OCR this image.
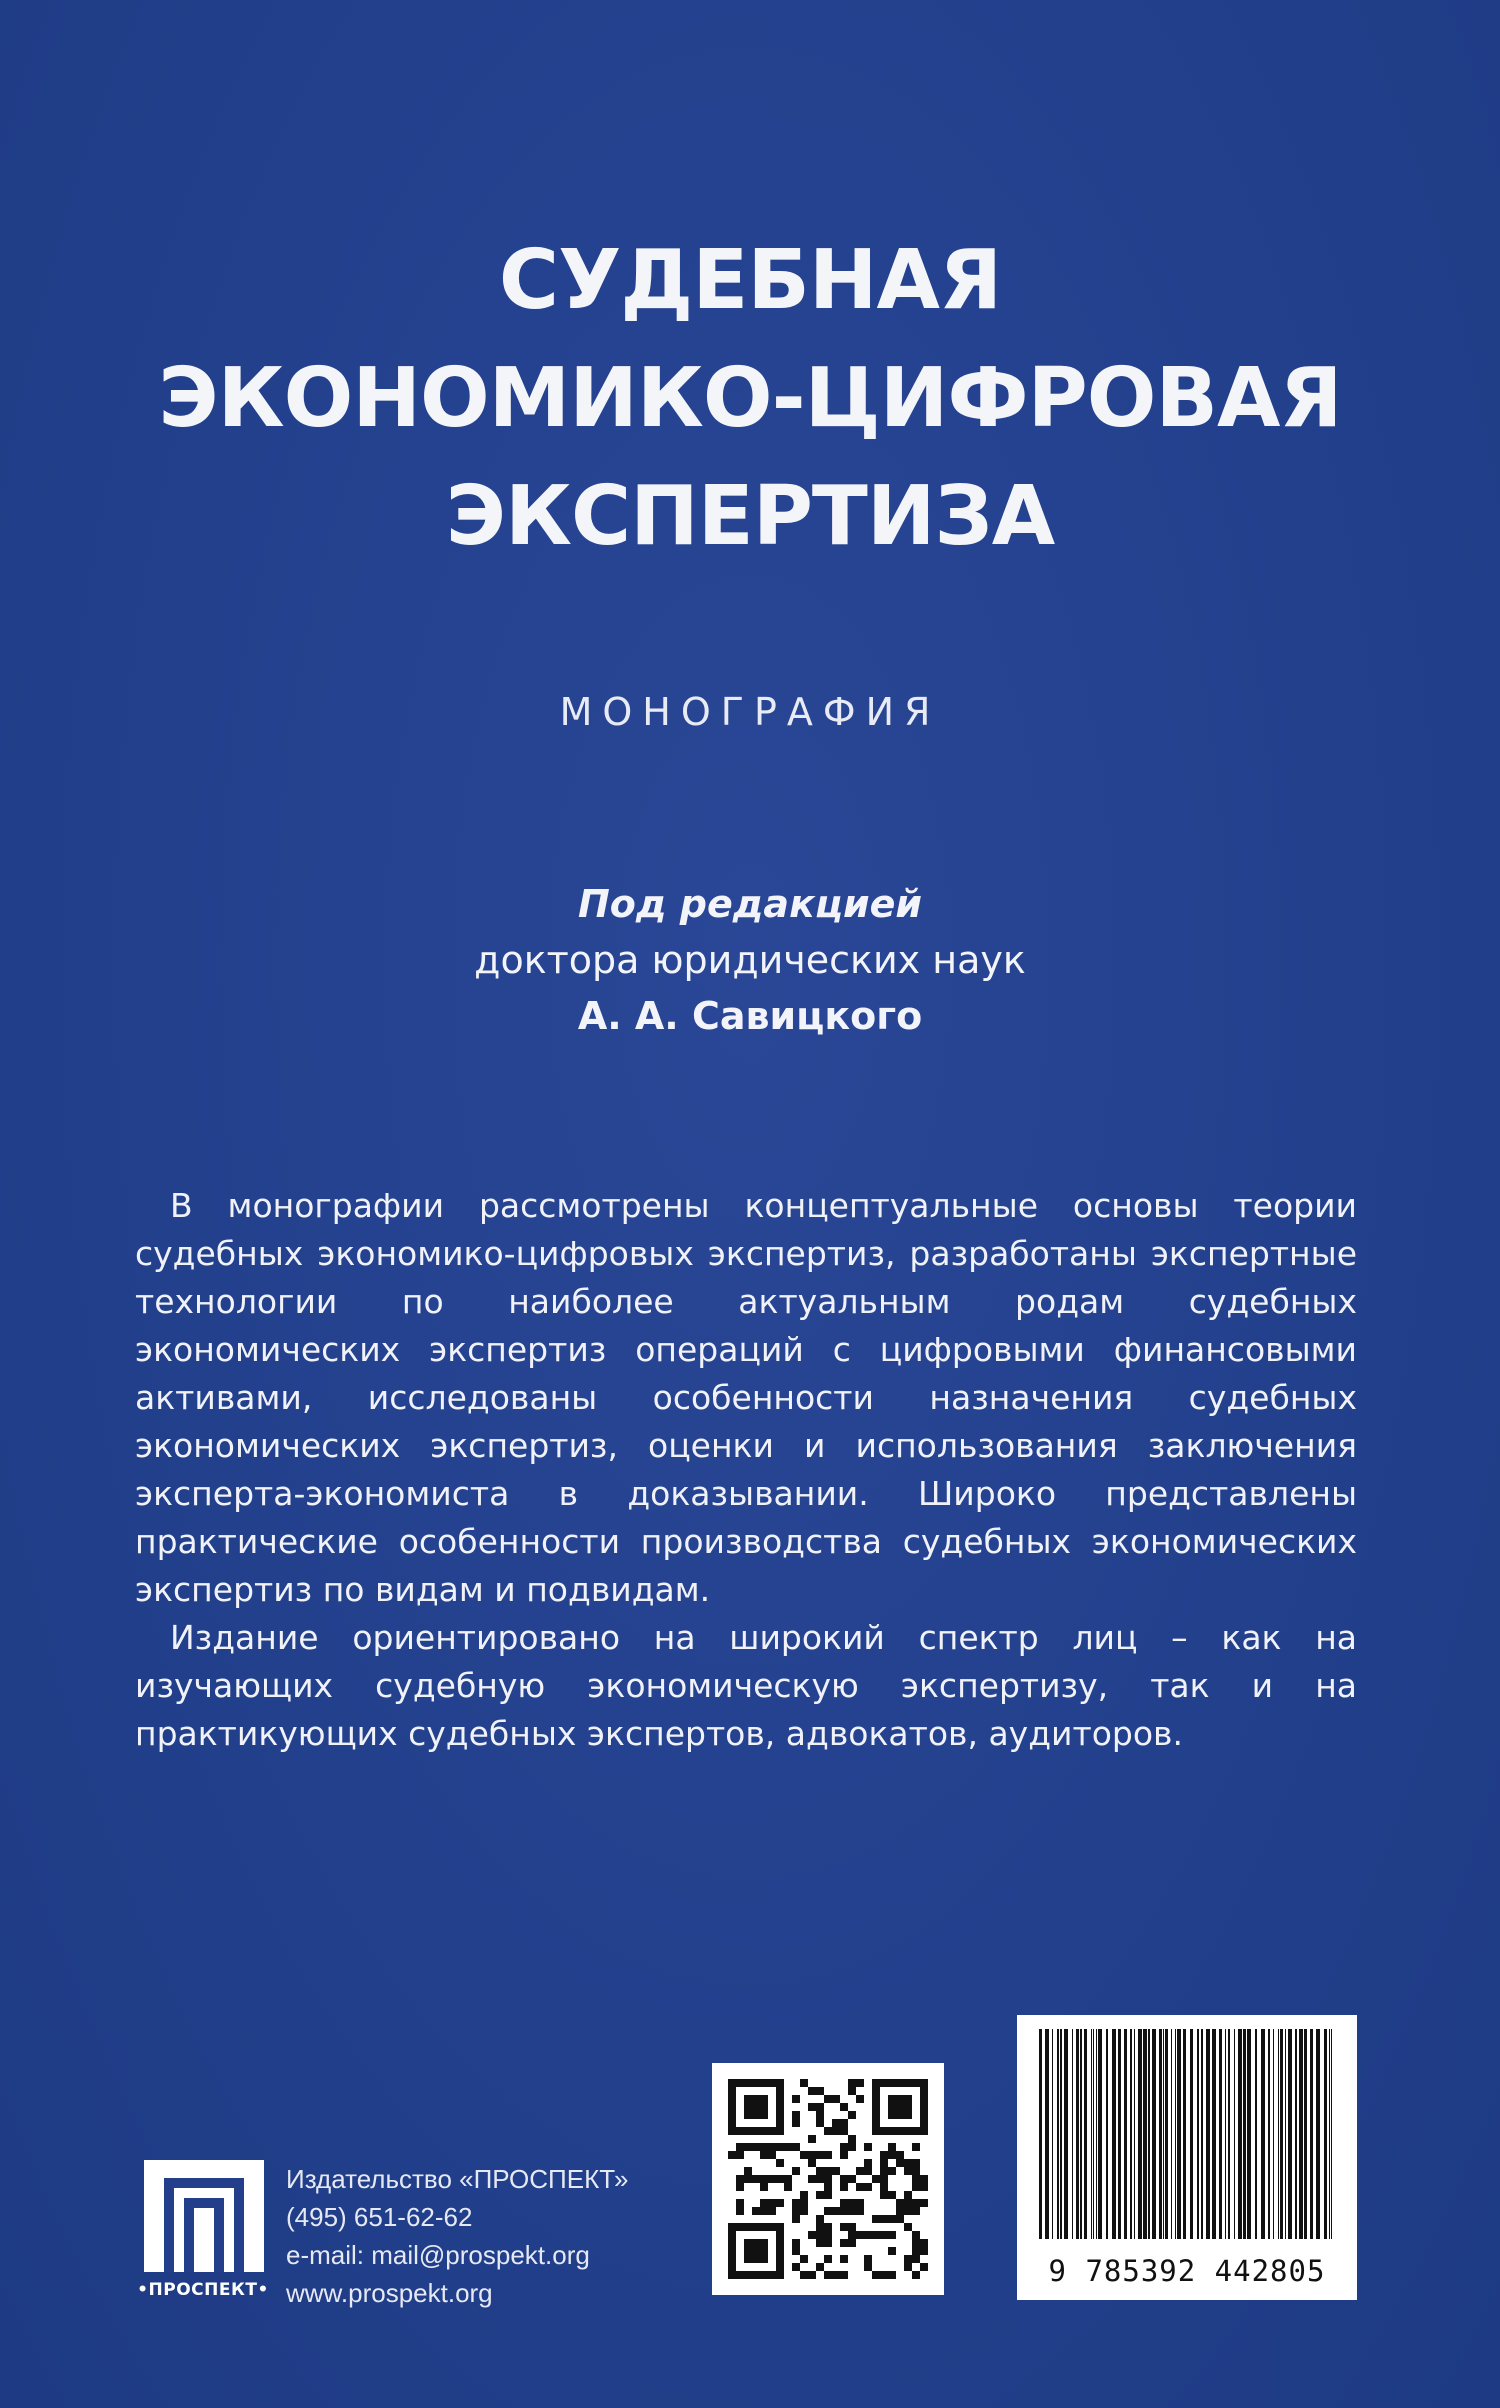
СУДЕБНАЯ
ЭКОНОМИКО-ЦИФРОВАЯ
ЭКСПЕРТИЗА
МОНОГРАФИЯ
Под редакцией
доктора юридических наук
А. А. Савицкого

В монографии рассмотрены концептуальные основы теории судебных экономико-цифровых экспертиз, разработаны экспертные технологии по наиболее актуальным родам судебных экономических экспертиз операций с цифровыми финансовыми активами, исследованы особенности назначения судебных экономических экспертиз, оценки и использования заключения эксперта-экономиста в доказывании. Широко представлены практические особенности производства судебных экономических экспертиз по видам и подвидам.

Издание ориентировано на широкий спектр лиц – как на изучающих судебную экономическую экспертизу, так и на практикующих судебных экспертов, адвокатов, аудиторов.

•ПРОСПЕКТ•
Издательство «ПРОСПЕКТ»
(495) 651-62-62
e-mail: mail@prospekt.org
www.prospekt.org
9 785392 442805
